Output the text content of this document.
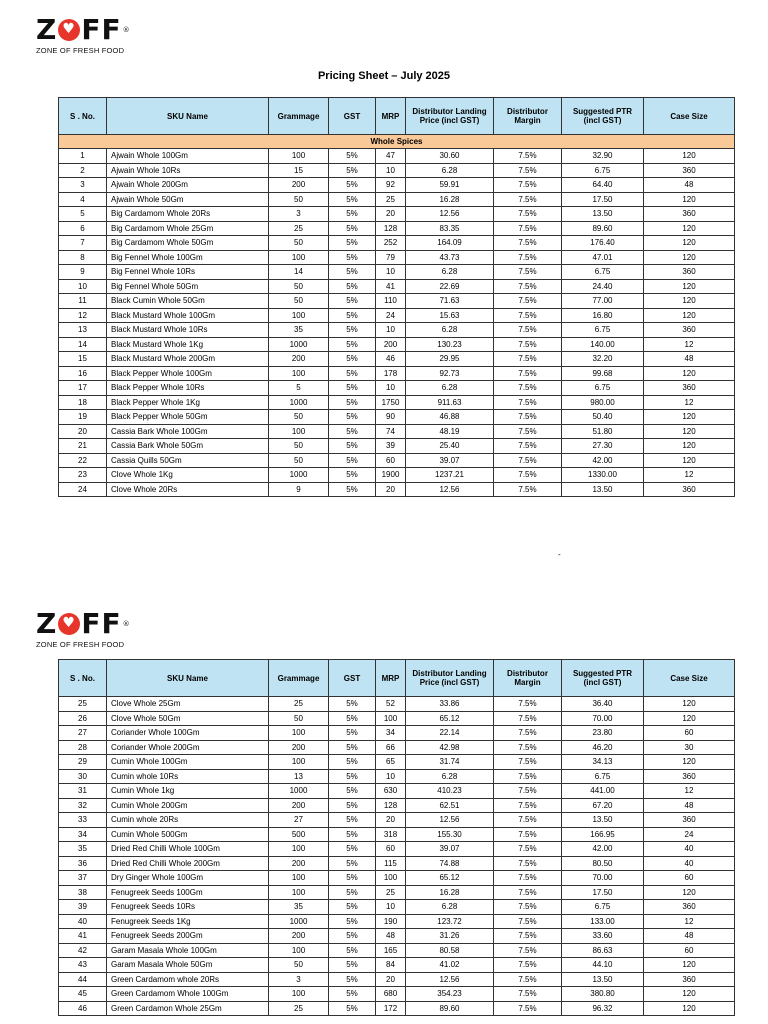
Z ♥ FF ®
ZONE OF FRESH FOOD
Pricing Sheet – July 2025
S . No.	SKU Name	Grammage	GST	MRP	Distributor Landing Price (incl GST)	Distributor Margin	Suggested PTR (incl GST)	Case Size
Whole Spices								
1	Ajwain Whole 100Gm	100	5%	47	30.60	7.5%	32.90	120
2	Ajwain Whole 10Rs	15	5%	10	6.28	7.5%	6.75	360
3	Ajwain Whole 200Gm	200	5%	92	59.91	7.5%	64.40	48
4	Ajwain Whole 50Gm	50	5%	25	16.28	7.5%	17.50	120
5	Big Cardamom Whole 20Rs	3	5%	20	12.56	7.5%	13.50	360
6	Big Cardamom Whole 25Gm	25	5%	128	83.35	7.5%	89.60	120
7	Big Cardamom Whole 50Gm	50	5%	252	164.09	7.5%	176.40	120
8	Big Fennel Whole 100Gm	100	5%	79	43.73	7.5%	47.01	120
9	Big Fennel Whole 10Rs	14	5%	10	6.28	7.5%	6.75	360
10	Big Fennel Whole 50Gm	50	5%	41	22.69	7.5%	24.40	120
11	Black Cumin Whole 50Gm	50	5%	110	71.63	7.5%	77.00	120
12	Black Mustard Whole 100Gm	100	5%	24	15.63	7.5%	16.80	120
13	Black Mustard Whole 10Rs	35	5%	10	6.28	7.5%	6.75	360
14	Black Mustard Whole 1Kg	1000	5%	200	130.23	7.5%	140.00	12
15	Black Mustard Whole 200Gm	200	5%	46	29.95	7.5%	32.20	48
16	Black Pepper Whole 100Gm	100	5%	178	92.73	7.5%	99.68	120
17	Black Pepper Whole 10Rs	5	5%	10	6.28	7.5%	6.75	360
18	Black Pepper Whole 1Kg	1000	5%	1750	911.63	7.5%	980.00	12
19	Black Pepper Whole 50Gm	50	5%	90	46.88	7.5%	50.40	120
20	Cassia Bark Whole 100Gm	100	5%	74	48.19	7.5%	51.80	120
21	Cassia Bark Whole 50Gm	50	5%	39	25.40	7.5%	27.30	120
22	Cassia Quills 50Gm	50	5%	60	39.07	7.5%	42.00	120
23	Clove Whole 1Kg	1000	5%	1900	1237.21	7.5%	1330.00	12
24	Clove Whole 20Rs	9	5%	20	12.56	7.5%	13.50	360
-
Z ♥ FF ®
ZONE OF FRESH FOOD
S . No.	SKU Name	Grammage	GST	MRP	Distributor Landing Price (incl GST)	Distributor Margin	Suggested PTR (incl GST)	Case Size
25	Clove Whole 25Gm	25	5%	52	33.86	7.5%	36.40	120
26	Clove Whole 50Gm	50	5%	100	65.12	7.5%	70.00	120
27	Coriander Whole 100Gm	100	5%	34	22.14	7.5%	23.80	60
28	Coriander Whole 200Gm	200	5%	66	42.98	7.5%	46.20	30
29	Cumin Whole 100Gm	100	5%	65	31.74	7.5%	34.13	120
30	Cumin whole 10Rs	13	5%	10	6.28	7.5%	6.75	360
31	Cumin Whole 1kg	1000	5%	630	410.23	7.5%	441.00	12
32	Cumin Whole 200Gm	200	5%	128	62.51	7.5%	67.20	48
33	Cumin whole 20Rs	27	5%	20	12.56	7.5%	13.50	360
34	Cumin Whole 500Gm	500	5%	318	155.30	7.5%	166.95	24
35	Dried Red Chilli Whole 100Gm	100	5%	60	39.07	7.5%	42.00	40
36	Dried Red Chilli Whole 200Gm	200	5%	115	74.88	7.5%	80.50	40
37	Dry Ginger Whole 100Gm	100	5%	100	65.12	7.5%	70.00	60
38	Fenugreek Seeds 100Gm	100	5%	25	16.28	7.5%	17.50	120
39	Fenugreek Seeds 10Rs	35	5%	10	6.28	7.5%	6.75	360
40	Fenugreek Seeds 1Kg	1000	5%	190	123.72	7.5%	133.00	12
41	Fenugreek Seeds 200Gm	200	5%	48	31.26	7.5%	33.60	48
42	Garam Masala Whole 100Gm	100	5%	165	80.58	7.5%	86.63	60
43	Garam Masala Whole 50Gm	50	5%	84	41.02	7.5%	44.10	120
44	Green Cardamom whole 20Rs	3	5%	20	12.56	7.5%	13.50	360
45	Green Cardamom Whole 100Gm	100	5%	680	354.23	7.5%	380.80	120
46	Green Cardamon Whole 25Gm	25	5%	172	89.60	7.5%	96.32	120
